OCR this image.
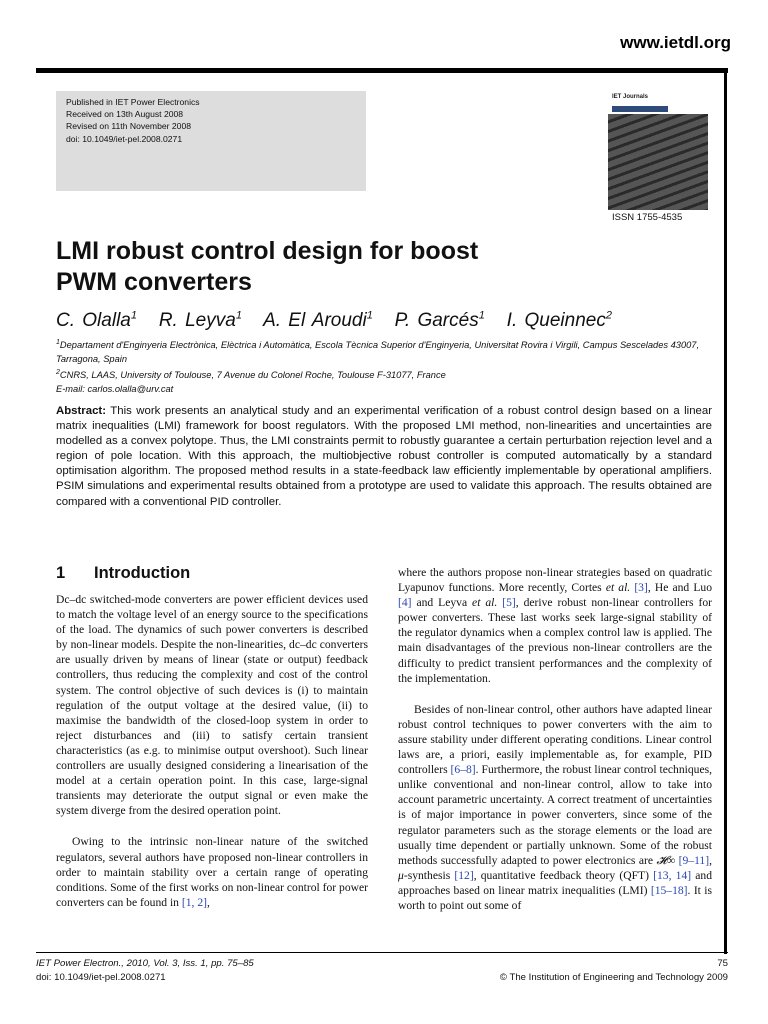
www.ietdl.org
Published in IET Power Electronics
Received on 13th August 2008
Revised on 11th November 2008
doi: 10.1049/iet-pel.2008.0271
IET Journals
ISSN 1755-4535
LMI robust control design for boost
PWM converters
C. Olalla$^1$ R. Leyva$^1$ A. El Aroudi$^1$ P. Garcés$^1$ I. Queinnec$^2$
$^1$Departament d'Enginyeria Electrònica, Elèctrica i Automàtica, Escola Tècnica Superior d'Enginyeria, Universitat Rovira i Virgili, Campus Sescelades 43007, Tarragona, Spain
$^2$CNRS, LAAS, University of Toulouse, 7 Avenue du Colonel Roche, Toulouse F-31077, France
E-mail: carlos.olalla@urv.cat
Abstract: This work presents an analytical study and an experimental verification of a robust control design based on a linear matrix inequalities (LMI) framework for boost regulators. With the proposed LMI method, non-linearities and uncertainties are modelled as a convex polytope. Thus, the LMI constraints permit to robustly guarantee a certain perturbation rejection level and a region of pole location. With this approach, the multiobjective robust controller is computed automatically by a standard optimisation algorithm. The proposed method results in a state-feedback law efficiently implementable by operational amplifiers. PSIM simulations and experimental results obtained from a prototype are used to validate this approach. The results obtained are compared with a conventional PID controller.
1 Introduction

Dc–dc switched-mode converters are power efficient devices used to match the voltage level of an energy source to the specifications of the load. The dynamics of such power converters is described by non-linear models. Despite the non-linearities, dc–dc converters are usually driven by means of linear (state or output) feedback controllers, thus reducing the complexity and cost of the control system. The control objective of such devices is (i) to maintain regulation of the output voltage at the desired value, (ii) to maximise the bandwidth of the closed-loop system in order to reject disturbances and (iii) to satisfy certain transient characteristics (as e.g. to minimise output overshoot). Such linear controllers are usually designed considering a linearisation of the model at a certain operation point. In this case, large-signal transients may deteriorate the output signal or even make the system diverge from the desired operation point.

Owing to the intrinsic non-linear nature of the switched regulators, several authors have proposed non-linear controllers in order to maintain stability over a certain range of operating conditions. Some of the first works on non-linear control for power converters can be found in [1, 2],

where the authors propose non-linear strategies based on quadratic Lyapunov functions. More recently, Cortes et al. [3], He and Luo [4] and Leyva et al. [5], derive robust non-linear controllers for power converters. These last works seek large-signal stability of the regulator dynamics when a complex control law is applied. The main disadvantages of the previous non-linear controllers are the difficulty to predict transient performances and the complexity of the implementation.

Besides of non-linear control, other authors have adapted linear robust control techniques to power converters with the aim to assure stability under different operating conditions. Linear control laws are, a priori, easily implementable as, for example, PID controllers [6–8]. Furthermore, the robust linear control techniques, unlike conventional and non-linear control, allow to take into account parametric uncertainty. A correct treatment of uncertainties is of major importance in power converters, since some of the regulator parameters such as the storage elements or the load are usually time dependent or partially unknown. Some of the robust methods successfully adapted to power electronics are 𝓗∞ [9–11], μ-synthesis [12], quantitative feedback theory (QFT) [13, 14] and approaches based on linear matrix inequalities (LMI) [15–18]. It is worth to point out some of

IET Power Electron., 2010, Vol. 3, Iss. 1, pp. 75–85
doi: 10.1049/iet-pel.2008.0271
75
© The Institution of Engineering and Technology 2009
